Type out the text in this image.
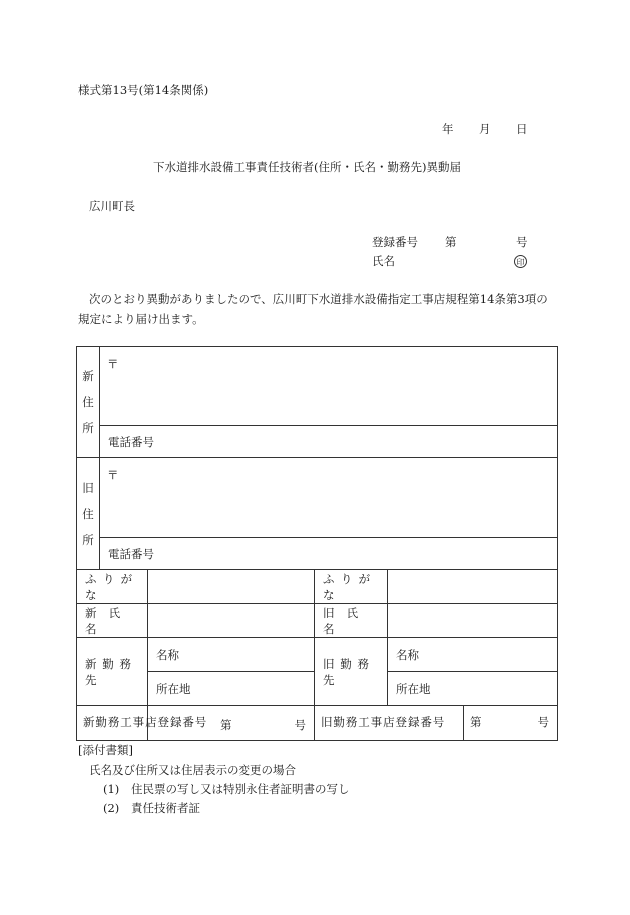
様式第13号(第14条関係)
年 月 日
下水道排水設備工事責任技術者(住所・氏名・勤務先)異動届
広川町長
登録番号 第	号
氏名	印
次のとおり異動がありましたので、広川町下水道排水設備指定工事店規程第14条第3項の
規定により届け出ます。
新
住
所	〒			

	電話番号			

旧
住
所	〒			

	電話番号			
ふりがな			ふりがな	
新氏名			旧氏名	
新勤務先		名称	旧勤務先	名称
		所在地		所在地

新勤務工事店登録番号		第 号	旧勤務工事店登録番号 第 号	
[添付書類]
氏名及び住所又は住居表示の変更の場合
(1) 住民票の写し又は特別永住者証明書の写し
(2) 責任技術者証
